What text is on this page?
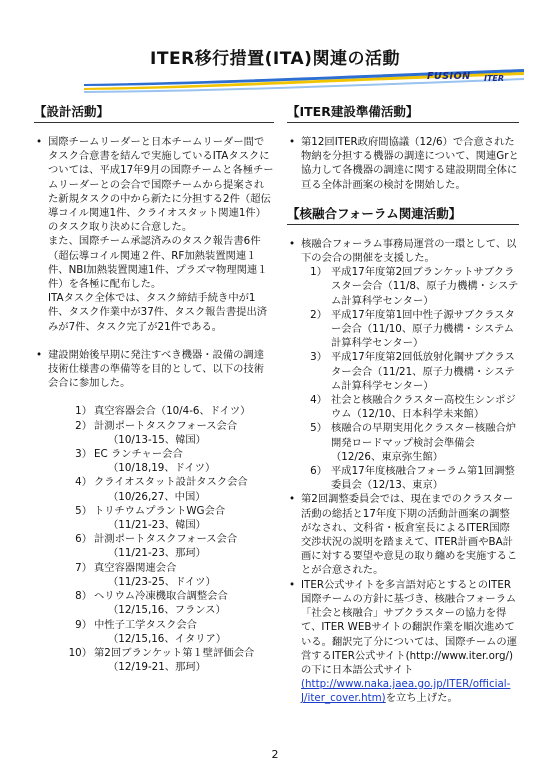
ITER移行措置(ITA)関連の活動
FUSION ITER
【設計活動】
• 国際チームリーダーと日本チームリーダー間でタスク合意書を結んで実施しているITAタスクについては、平成17年9月の国際チームと各極チームリーダーとの会合で国際チームから提案された新規タスクの中から新たに分担する2件（超伝導コイル関連1件、クライオスタット関連1件）のタスク取り決めに合意した。
また、国際チーム承認済みのタスク報告書6件（超伝導コイル関連２件、RF加熱装置関連１件、NBI加熱装置関連1件、プラズマ物理関連１件）を各極に配布した。
ITAタスク全体では、タスク締結手続き中が1件、タスク作業中が37件、タスク報告書提出済みが7件、タスク完了が21件である。
• 建設開始後早期に発注すべき機器・設備の調達技術仕様書の準備等を目的として、以下の技術会合に参加した。
1） 真空容器会合（10/4-6、ドイツ）
2） 計測ポートタスクフォース会合
（10/13-15、韓国）
3） EC ランチャー会合
（10/18,19、ドイツ）
4） クライオスタット設計タスク会合
（10/26,27、中国）
5） トリチウムプラントWG会合
（11/21-23、韓国）
6） 計測ポートタスクフォース会合
（11/21-23、那珂）
7） 真空容器関連会合
（11/23-25、ドイツ）
8） ヘリウム冷凍機取合調整会合
（12/15,16、フランス）
9） 中性子工学タスク会合
（12/15,16、イタリア）
10） 第2回ブランケット第１壁評価会合
（12/19-21、那珂）
【ITER建設準備活動】
• 第12回ITER政府間協議（12/6）で合意された物納を分担する機器の調達について、関連Grと協力して各機器の調達に関する建設期間全体に亘る全体計画案の検討を開始した。
【核融合フォーラム関連活動】
• 核融合フォーラム事務局運営の一環として、以下の会合の開催を支援した。
1） 平成17年度第2回ブランケットサブクラスター会合（11/8、原子力機構・システム計算科学センター）
2） 平成17年度第1回中性子源サブクラスター会合（11/10、原子力機構・システム計算科学センター）
3） 平成17年度第2回低放射化鋼サブクラスター会合（11/21、原子力機構・システム計算科学センター）
4） 社会と核融合クラスター高校生シンポジウム（12/10、日本科学未来館）
5） 核融合の早期実用化クラスター核融合炉開発ロードマップ検討会準備会（12/26、東京弥生館）
6） 平成17年度核融合フォーラム第1回調整委員会（12/13、東京）
• 第2回調整委員会では、現在までのクラスター活動の総括と17年度下期の活動計画案の調整がなされ、文科省・板倉室長によるITER国際交渉状況の説明を踏まえて、ITER計画やBA計画に対する要望や意見の取り纏めを実施することが合意された。
• ITER公式サイトを多言語対応とするとのITER国際チームの方針に基づき、核融合フォーラム「社会と核融合」サブクラスターの協力を得て、ITER WEBサイトの翻訳作業を順次進めている。翻訳完了分については、国際チームの運営するITER公式サイト(http://www.iter.org/)の下に日本語公式サイト(http://www.naka.jaea.go.jp/ITER/official-J/iter_cover.htm)を立ち上げた。
2
